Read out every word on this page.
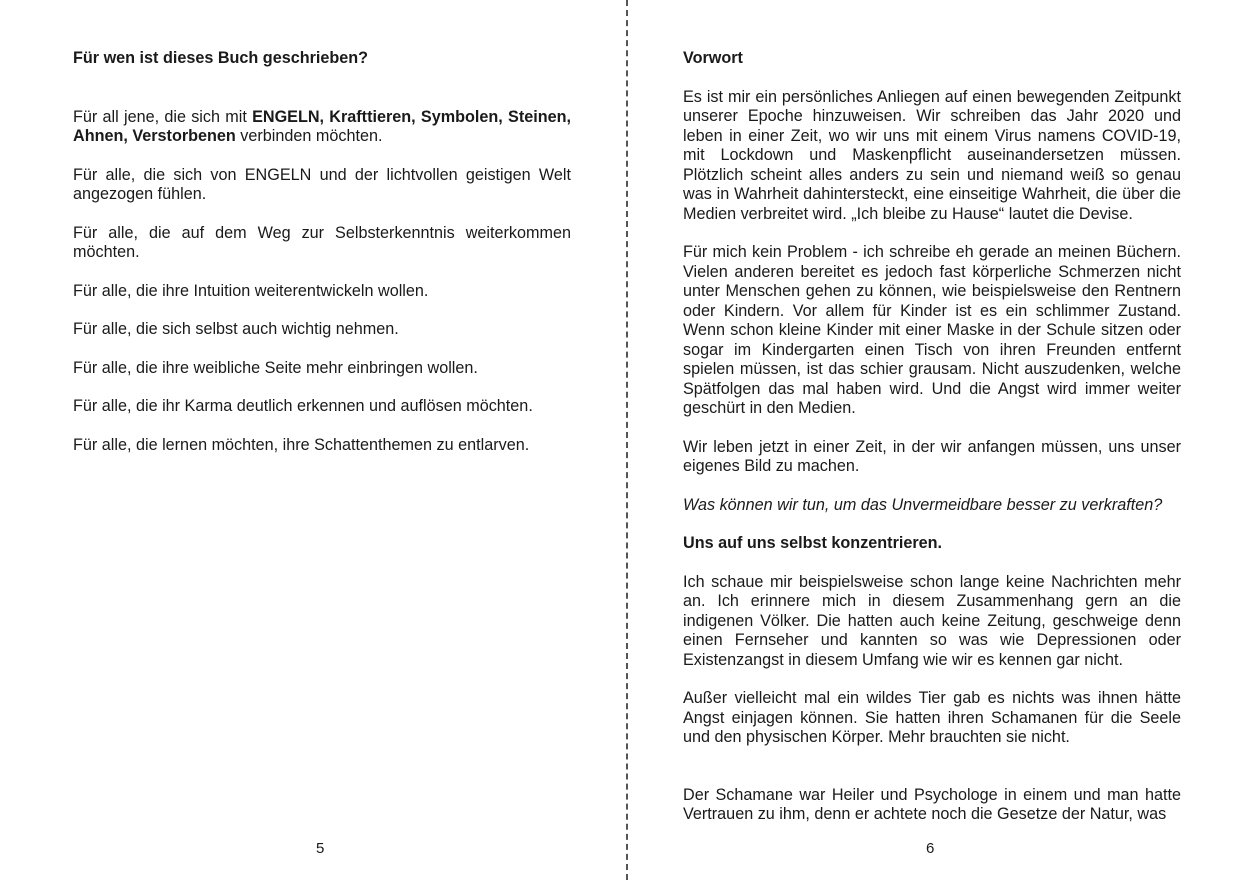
Für wen ist dieses Buch geschrieben?

Für all jene, die sich mit ENGELN, Krafttieren, Symbolen, Steinen, Ahnen, Verstorbenen verbinden möchten.

Für alle, die sich von ENGELN und der lichtvollen geistigen Welt angezogen fühlen.

Für alle, die auf dem Weg zur Selbsterkenntnis weiterkommen möchten.

Für alle, die ihre Intuition weiterentwickeln wollen.

Für alle, die sich selbst auch wichtig nehmen.

Für alle, die ihre weibliche Seite mehr einbringen wollen.

Für alle, die ihr Karma deutlich erkennen und auflösen möchten.

Für alle, die lernen möchten, ihre Schattenthemen zu entlarven.

5

Vorwort

Es ist mir ein persönliches Anliegen auf einen bewegenden Zeitpunkt unserer Epoche hinzuweisen. Wir schreiben das Jahr 2020 und leben in einer Zeit, wo wir uns mit einem Virus namens COVID-19, mit Lockdown und Maskenpflicht auseinandersetzen müssen. Plötzlich scheint alles anders zu sein und niemand weiß so genau was in Wahrheit dahintersteckt, eine einseitige Wahrheit, die über die Medien verbreitet wird. „Ich bleibe zu Hause“ lautet die Devise.

Für mich kein Problem - ich schreibe eh gerade an meinen Büchern. Vielen anderen bereitet es jedoch fast körperliche Schmerzen nicht unter Menschen gehen zu können, wie beispielsweise den Rentnern oder Kindern. Vor allem für Kinder ist es ein schlimmer Zustand. Wenn schon kleine Kinder mit einer Maske in der Schule sitzen oder sogar im Kindergarten einen Tisch von ihren Freunden entfernt spielen müssen, ist das schier grausam. Nicht auszudenken, welche Spätfolgen das mal haben wird. Und die Angst wird immer weiter geschürt in den Medien.

Wir leben jetzt in einer Zeit, in der wir anfangen müssen, uns unser eigenes Bild zu machen.

Was können wir tun, um das Unvermeidbare besser zu verkraften?

Uns auf uns selbst konzentrieren.

Ich schaue mir beispielsweise schon lange keine Nachrichten mehr an. Ich erinnere mich in diesem Zusammenhang gern an die indigenen Völker. Die hatten auch keine Zeitung, geschweige denn einen Fernseher und kannten so was wie Depressionen oder Existenzangst in diesem Umfang wie wir es kennen gar nicht.

Außer vielleicht mal ein wildes Tier gab es nichts was ihnen hätte Angst einjagen können. Sie hatten ihren Schamanen für die Seele und den physischen Körper. Mehr brauchten sie nicht.

Der Schamane war Heiler und Psychologe in einem und man hatte Vertrauen zu ihm, denn er achtete noch die Gesetze der Natur, was

6
